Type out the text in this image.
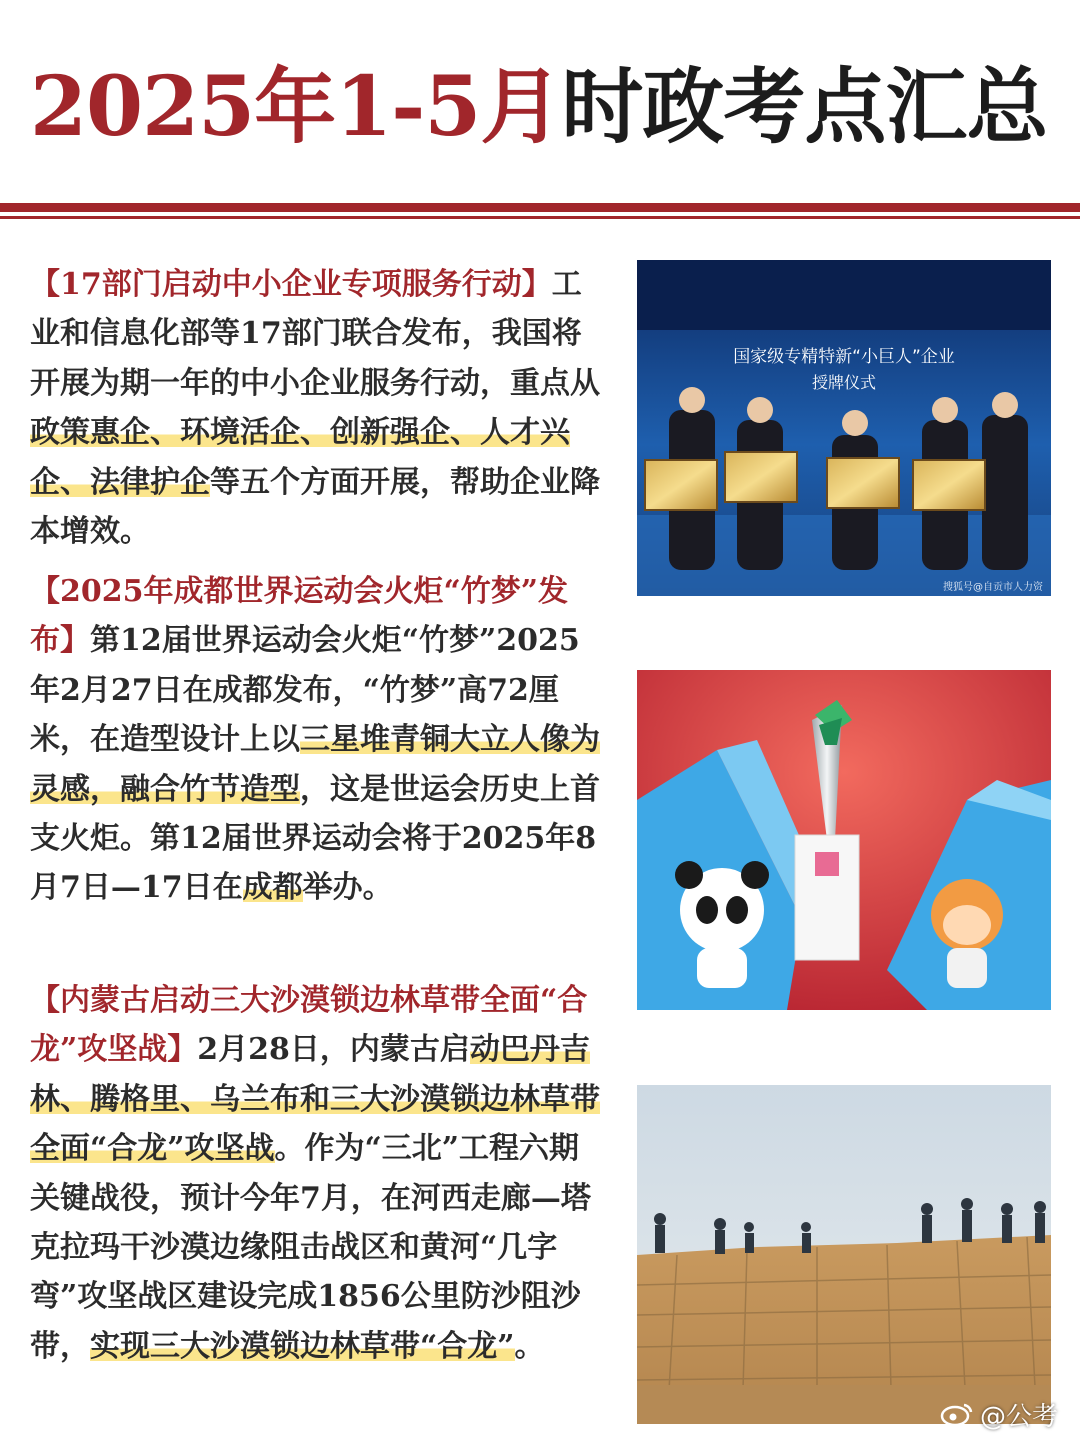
2025年1-5月时政考点汇总
【17部门启动中小企业专项服务行动】工业和信息化部等17部门联合发布，我国将开展为期一年的中小企业服务行动，重点从政策惠企、环境活企、创新强企、人才兴企、法律护企等五个方面开展，帮助企业降本增效。
【2025年成都世界运动会火炬“竹梦”发布】第12届世界运动会火炬“竹梦”2025年2月27日在成都发布，“竹梦”高72厘米，在造型设计上以三星堆青铜大立人像为灵感，融合竹节造型，这是世运会历史上首支火炬。第12届世界运动会将于2025年8月7日—17日在成都举办。
【内蒙古启动三大沙漠锁边林草带全面“合龙”攻坚战】2月28日，内蒙古启动巴丹吉林、腾格里、乌兰布和三大沙漠锁边林草带全面“合龙”攻坚战。作为“三北”工程六期关键战役，预计今年7月，在河西走廊—塔克拉玛干沙漠边缘阻击战区和黄河“几字弯”攻坚战区建设完成1856公里防沙阻沙带，实现三大沙漠锁边林草带“合龙”。
国家级专精特新“小巨人”企业
授牌仪式
搜狐号@自贡市人力资
@公考
